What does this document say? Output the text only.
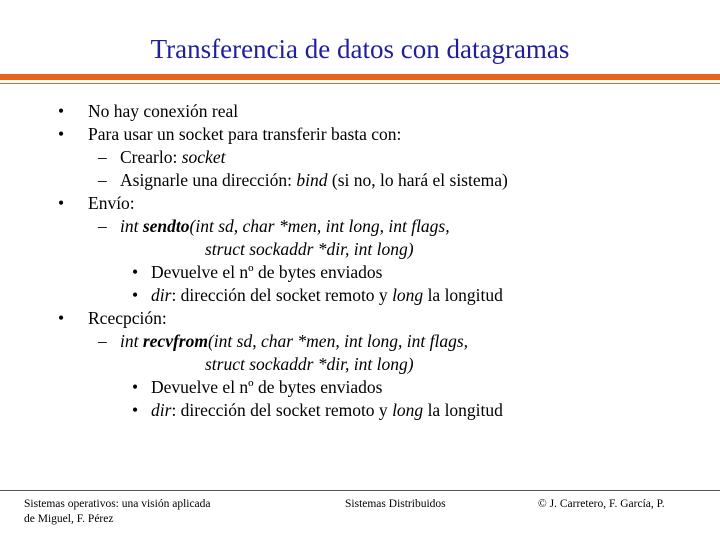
Transferencia de datos con datagramas
• No hay conexión real
• Para usar un socket para transferir basta con:
– Crearlo: socket
– Asignarle una dirección: bind (si no, lo hará el sistema)
• Envío:
– int sendto(int sd, char *men, int long, int flags,
struct sockaddr *dir, int long)
• Devuelve el nº de bytes enviados
• dir: dirección del socket remoto y long la longitud
• Rcecpción:
– int recvfrom(int sd, char *men, int long, int flags,
struct sockaddr *dir, int long)
• Devuelve el nº de bytes enviados
• dir: dirección del socket remoto y long la longitud
Sistemas operativos: una visión aplicada
de Miguel, F. Pérez
Sistemas Distribuidos	© J. Carretero, F. García, P.
